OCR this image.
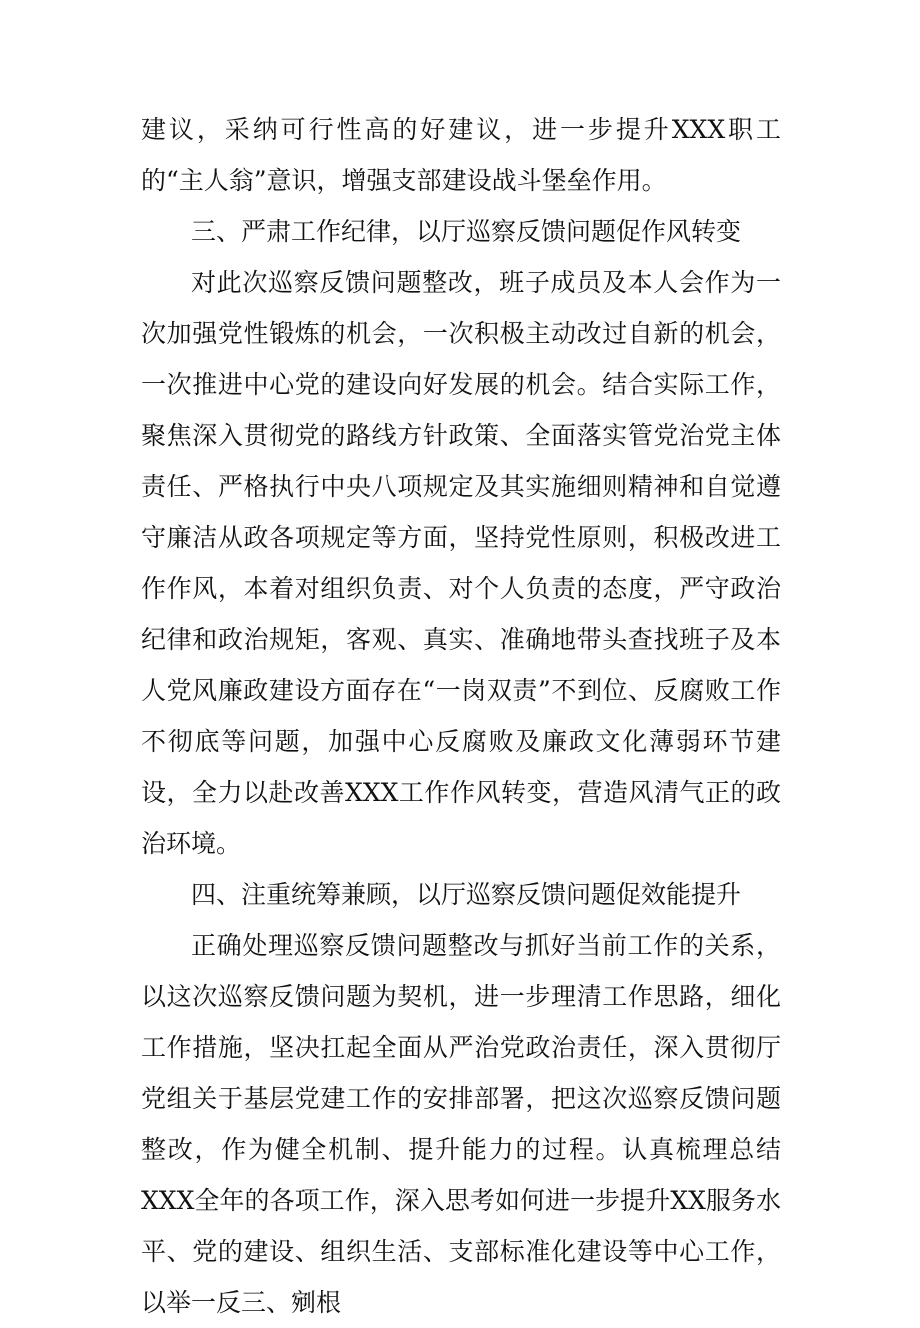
建议，采纳可行性高的好建议，进一步提升XXX职工的“主人翁”意识，增强支部建设战斗堡垒作用。

三、严肃工作纪律，以厅巡察反馈问题促作风转变

对此次巡察反馈问题整改，班子成员及本人会作为一次加强党性锻炼的机会，一次积极主动改过自新的机会，一次推进中心党的建设向好发展的机会。结合实际工作，聚焦深入贯彻党的路线方针政策、全面落实管党治党主体责任、严格执行中央八项规定及其实施细则精神和自觉遵守廉洁从政各项规定等方面，坚持党性原则，积极改进工作作风，本着对组织负责、对个人负责的态度，严守政治纪律和政治规矩，客观、真实、准确地带头查找班子及本人党风廉政建设方面存在“一岗双责”不到位、反腐败工作不彻底等问题，加强中心反腐败及廉政文化薄弱环节建设，全力以赴改善XXX工作作风转变，营造风清气正的政治环境。

四、注重统筹兼顾，以厅巡察反馈问题促效能提升

正确处理巡察反馈问题整改与抓好当前工作的关系，以这次巡察反馈问题为契机，进一步理清工作思路，细化工作措施，坚决扛起全面从严治党政治责任，深入贯彻厅党组关于基层党建工作的安排部署，把这次巡察反馈问题整改，作为健全机制、提升能力的过程。认真梳理总结XXX全年的各项工作，深入思考如何进一步提升XX服务水平、党的建设、组织生活、支部标准化建设等中心工作，以举一反三、剜根
